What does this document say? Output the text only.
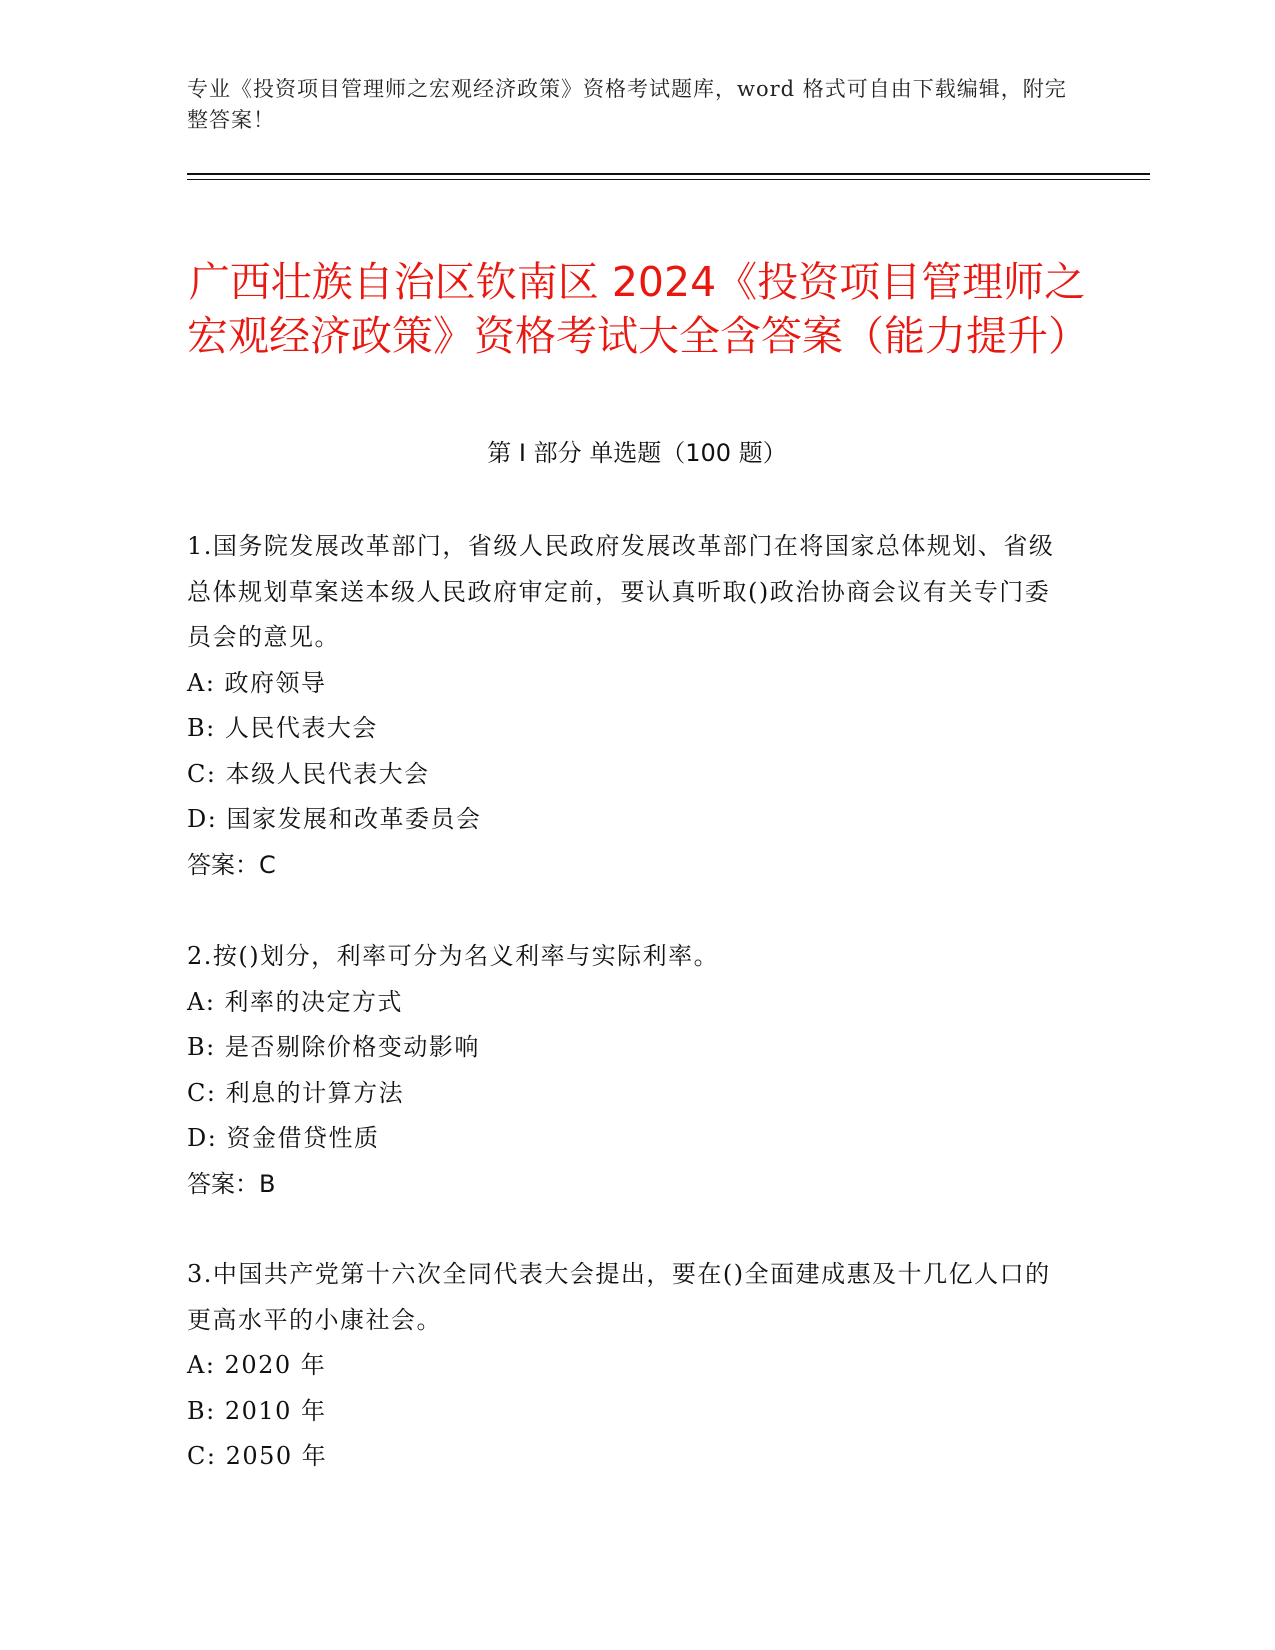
专业《投资项目管理师之宏观经济政策》资格考试题库，word 格式可自由下载编辑，附完整答案！
广西壮族自治区钦南区 2024《投资项目管理师之宏观经济政策》资格考试大全含答案（能力提升）
第 I 部分 单选题（100 题）

1.国务院发展改革部门，省级人民政府发展改革部门在将国家总体规划、省级总体规划草案送本级人民政府审定前，要认真听取()政治协商会议有关专门委员会的意见。

A: 政府领导

B: 人民代表大会

C: 本级人民代表大会

D: 国家发展和改革委员会

答案：C

2.按()划分，利率可分为名义利率与实际利率。

A: 利率的决定方式

B: 是否剔除价格变动影响

C: 利息的计算方法

D: 资金借贷性质

答案：B

3.中国共产党第十六次全同代表大会提出，要在()全面建成惠及十几亿人口的更高水平的小康社会。

A: 2020 年

B: 2010 年

C: 2050 年
